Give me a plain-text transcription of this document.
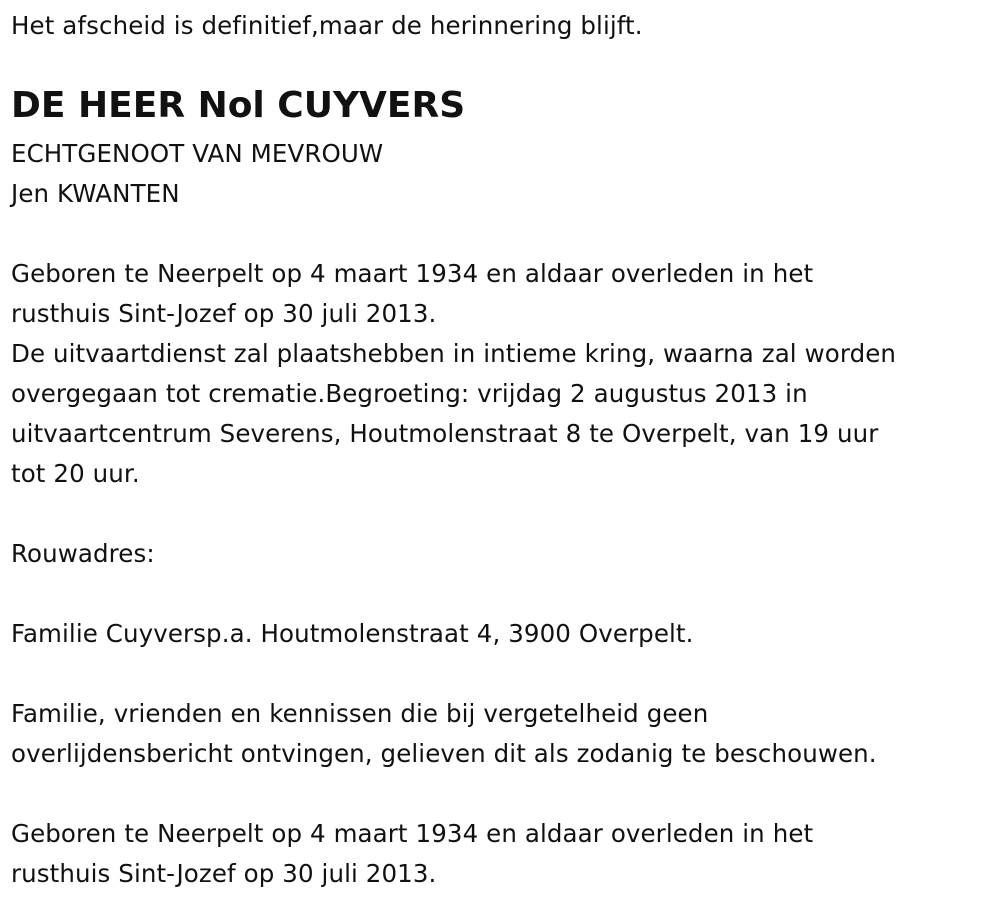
Het afscheid is definitief,maar de herinnering blijft.
DE HEER Nol CUYVERS
ECHTGENOOT VAN MEVROUW
Jen KWANTEN
Geboren te Neerpelt op 4 maart 1934 en aldaar overleden in het
rusthuis Sint-Jozef op 30 juli 2013.
De uitvaartdienst zal plaatshebben in intieme kring, waarna zal worden
overgegaan tot crematie.Begroeting: vrijdag 2 augustus 2013 in
uitvaartcentrum Severens, Houtmolenstraat 8 te Overpelt, van 19 uur
tot 20 uur.
Rouwadres:
Familie Cuyversp.a. Houtmolenstraat 4, 3900 Overpelt.
Familie, vrienden en kennissen die bij vergetelheid geen
overlijdensbericht ontvingen, gelieven dit als zodanig te beschouwen.
Geboren te Neerpelt op 4 maart 1934 en aldaar overleden in het
rusthuis Sint-Jozef op 30 juli 2013.
